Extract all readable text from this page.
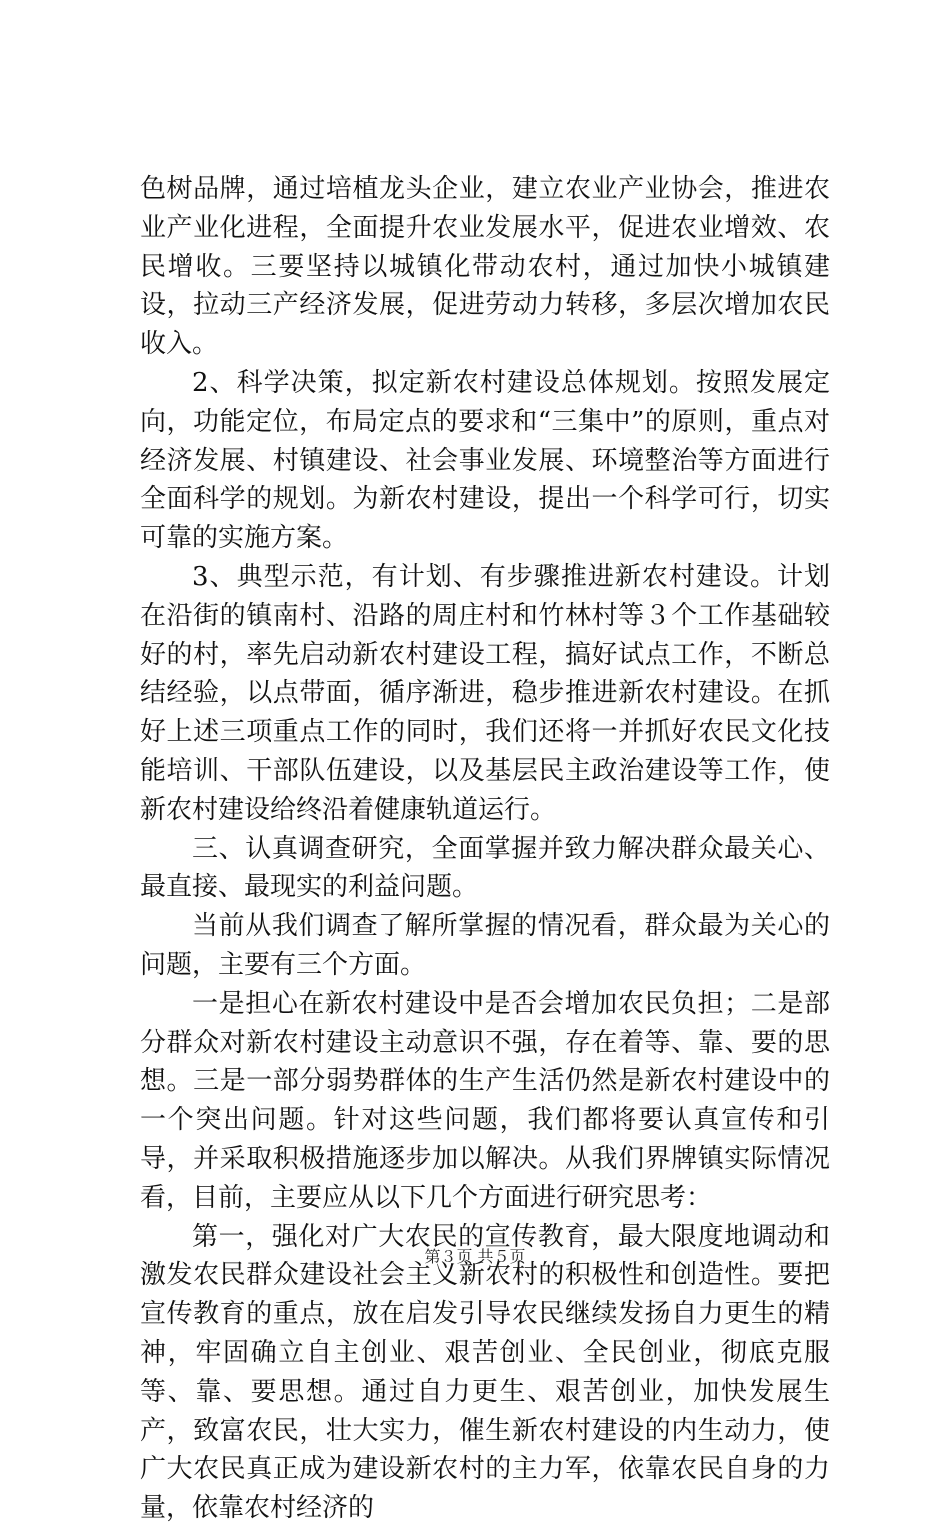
色树品牌，通过培植龙头企业，建立农业产业协会，推进农业产业化进程，全面提升农业发展水平，促进农业增效、农民增收。三要坚持以城镇化带动农村，通过加快小城镇建设，拉动三产经济发展，促进劳动力转移，多层次增加农民收入。

2、科学决策，拟定新农村建设总体规划。按照发展定向，功能定位，布局定点的要求和“三集中”的原则，重点对经济发展、村镇建设、社会事业发展、环境整治等方面进行全面科学的规划。为新农村建设，提出一个科学可行，切实可靠的实施方案。

3、典型示范，有计划、有步骤推进新农村建设。计划在沿街的镇南村、沿路的周庄村和竹林村等３个工作基础较好的村，率先启动新农村建设工程，搞好试点工作，不断总结经验，以点带面，循序渐进，稳步推进新农村建设。在抓好上述三项重点工作的同时，我们还将一并抓好农民文化技能培训、干部队伍建设，以及基层民主政治建设等工作，使新农村建设给终沿着健康轨道运行。

三、认真调查研究，全面掌握并致力解决群众最关心、最直接、最现实的利益问题。

当前从我们调查了解所掌握的情况看，群众最为关心的问题，主要有三个方面。

一是担心在新农村建设中是否会增加农民负担；二是部分群众对新农村建设主动意识不强，存在着等、靠、要的思想。三是一部分弱势群体的生产生活仍然是新农村建设中的一个突出问题。针对这些问题，我们都将要认真宣传和引导，并采取积极措施逐步加以解决。从我们界牌镇实际情况看，目前，主要应从以下几个方面进行研究思考：

第一，强化对广大农民的宣传教育，最大限度地调动和激发农民群众建设社会主义新农村的积极性和创造性。要把宣传教育的重点，放在启发引导农民继续发扬自力更生的精神，牢固确立自主创业、艰苦创业、全民创业，彻底克服等、靠、要思想。通过自力更生、艰苦创业，加快发展生产，致富农民，壮大实力，催生新农村建设的内生动力，使广大农民真正成为建设新农村的主力军，依靠农民自身的力量，依靠农村经济的

第３页 共５页
